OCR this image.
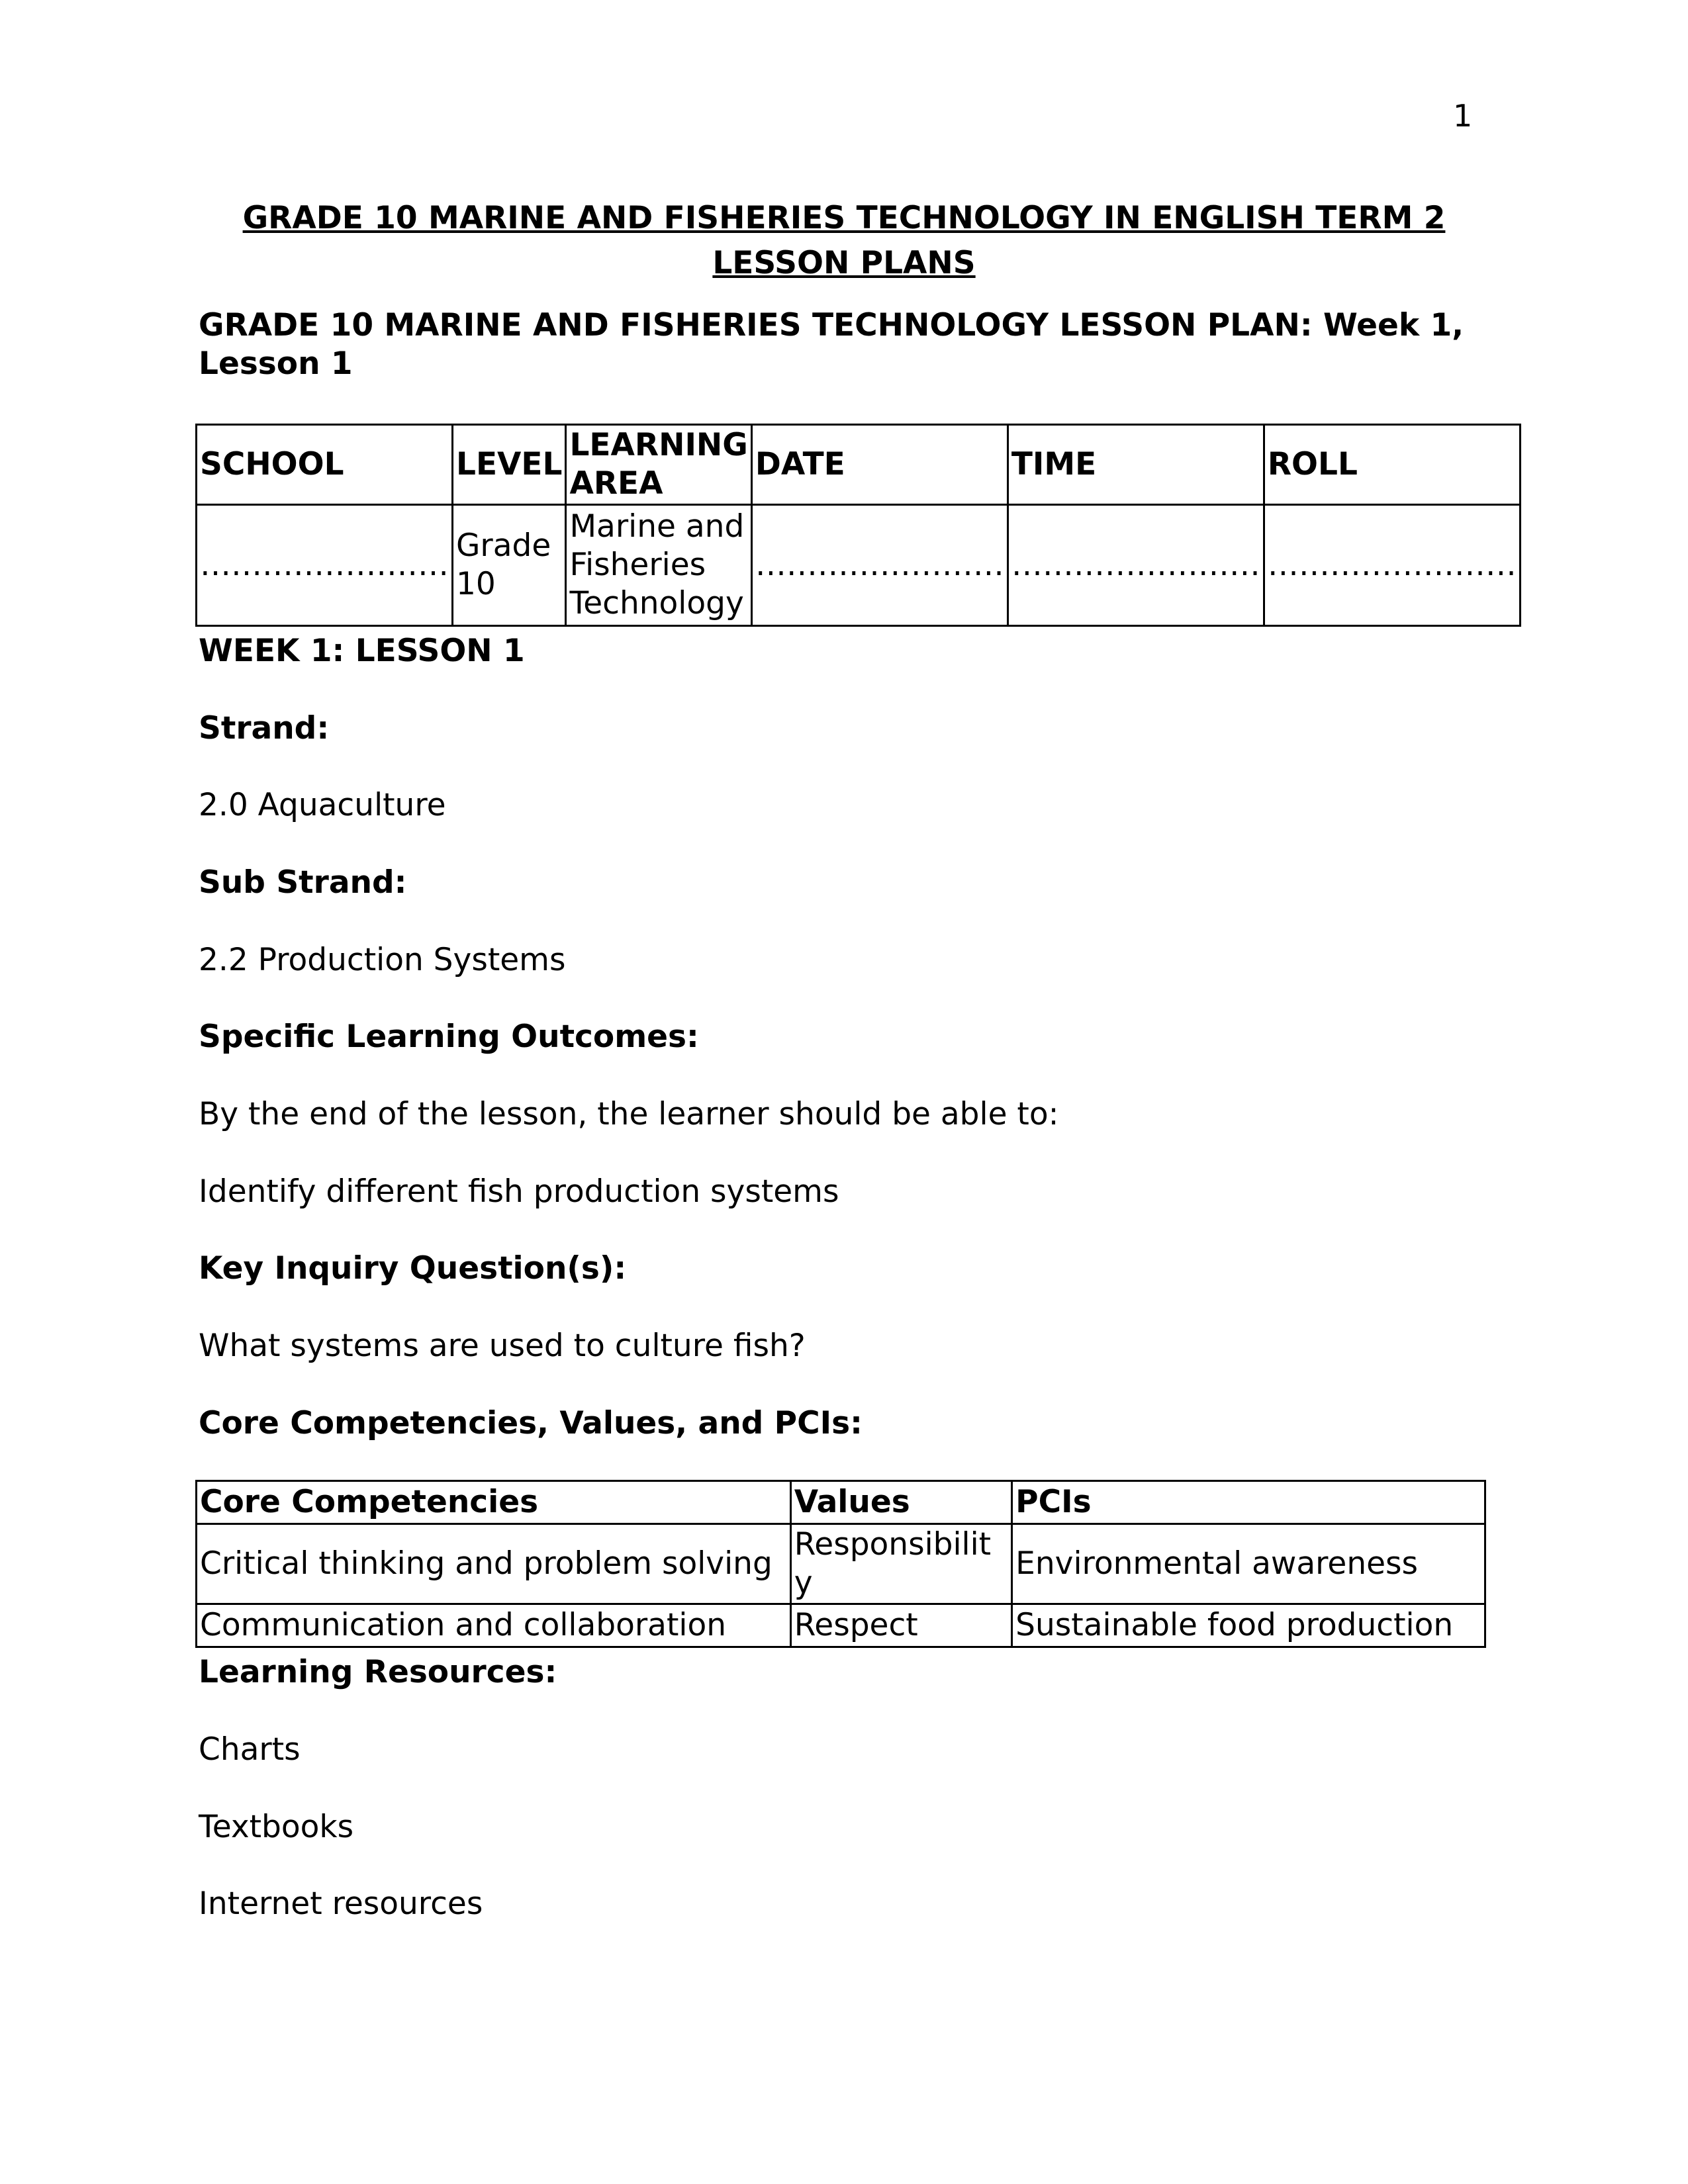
1
GRADE 10 MARINE AND FISHERIES TECHNOLOGY IN ENGLISH TERM 2 LESSON PLANS
GRADE 10 MARINE AND FISHERIES TECHNOLOGY LESSON PLAN: Week 1, Lesson 1
SCHOOL	LEVEL	LEARNING AREA	DATE	TIME	ROLL
……………………	Grade 10	Marine and Fisheries Technology	……………………	……………………	……………………
WEEK 1: LESSON 1
Strand:
2.0 Aquaculture
Sub Strand:
2.2 Production Systems
Specific Learning Outcomes:
By the end of the lesson, the learner should be able to:
Identify different fish production systems
Key Inquiry Question(s):
What systems are used to culture fish?
Core Competencies, Values, and PCIs:
Core Competencies	Values	PCIs
Critical thinking and problem solving	Responsibility	Environmental awareness
Communication and collaboration	Respect	Sustainable food production
Learning Resources:
Charts
Textbooks
Internet resources
